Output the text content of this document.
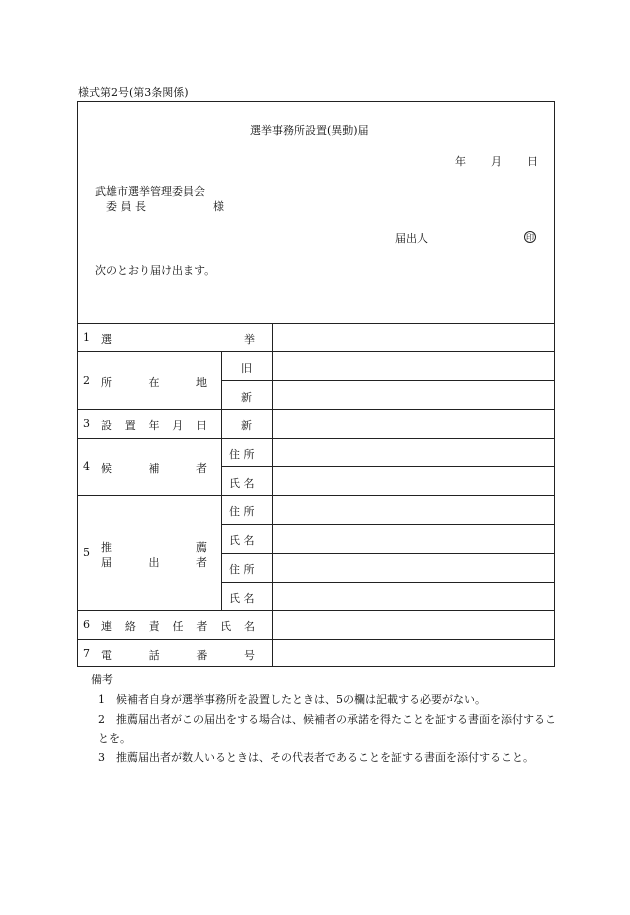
様式第2号(第3条関係)
選挙事務所設置(異動)届
年 月 日
武雄市選挙管理委員会
委 員 長	様
届出人	印
次のとおり届け出ます。
1 選	挙
2 所	在	地
旧
新
3 設 置 年 月 日	新
4 候	補	者
住 所
氏 名
5 推	薦
届	出	者
住 所
氏 名
住 所
氏 名
6 連 絡 責 任 者 氏 名
7 電	話	番	号
備考
1　候補者自身が選挙事務所を設置したときは、5の欄は記載する必要がない。
2　推薦届出者がこの届出をする場合は、候補者の承諾を得たことを証する書面を添付することを。
3　推薦届出者が数人いるときは、その代表者であることを証する書面を添付すること。
